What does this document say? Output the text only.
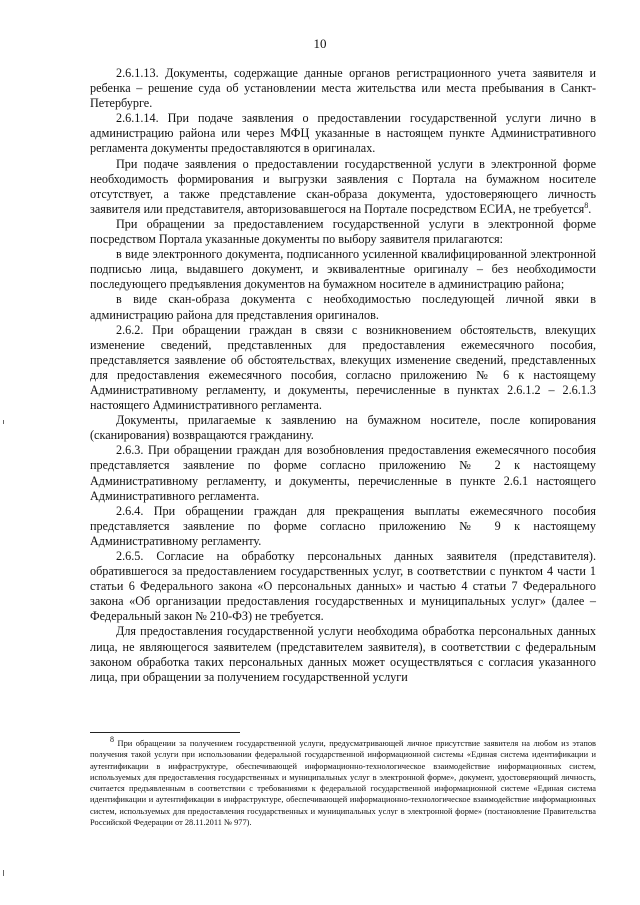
10

2.6.1.13. Документы, содержащие данные органов регистрационного учета заявителя и ребенка – решение суда об установлении места жительства или места пребывания в Санкт-Петербурге.

2.6.1.14. При подаче заявления о предоставлении государственной услуги лично в администрацию района или через МФЦ указанные в настоящем пункте Административного регламента документы предоставляются в оригиналах.

При подаче заявления о предоставлении государственной услуги в электронной форме необходимость формирования и выгрузки заявления с Портала на бумажном носителе отсутствует, а также представление скан-образа документа, удостоверяющего личность заявителя или представителя, авторизовавшегося на Портале посредством ЕСИА, не требуется$^8$.

При обращении за предоставлением государственной услуги в электронной форме посредством Портала указанные документы по выбору заявителя прилагаются:

в виде электронного документа, подписанного усиленной квалифицированной электронной подписью лица, выдавшего документ, и эквивалентные оригиналу – без необходимости последующего предъявления документов на бумажном носителе в администрацию района;

в виде скан-образа документа с необходимостью последующей личной явки в администрацию района для представления оригиналов.

2.6.2. При обращении граждан в связи с возникновением обстоятельств, влекущих изменение сведений, представленных для предоставления ежемесячного пособия, представляется заявление об обстоятельствах, влекущих изменение сведений, представленных для предоставления ежемесячного пособия, согласно приложению № 6 к настоящему Административному регламенту, и документы, перечисленные в пунктах 2.6.1.2 – 2.6.1.3 настоящего Административного регламента.

Документы, прилагаемые к заявлению на бумажном носителе, после копирования (сканирования) возвращаются гражданину.

2.6.3. При обращении граждан для возобновления предоставления ежемесячного пособия представляется заявление по форме согласно приложению № 2 к настоящему Административному регламенту, и документы, перечисленные в пункте 2.6.1 настоящего Административного регламента.

2.6.4. При обращении граждан для прекращения выплаты ежемесячного пособия представляется заявление по форме согласно приложению № 9 к настоящему Административному регламенту.

2.6.5. Согласие на обработку персональных данных заявителя (представителя). обратившегося за предоставлением государственных услуг, в соответствии с пунктом 4 части 1 статьи 6 Федерального закона «О персональных данных» и частью 4 статьи 7 Федерального закона «Об организации предоставления государственных и муниципальных услуг» (далее – Федеральный закон № 210-ФЗ) не требуется.

Для предоставления государственной услуги необходима обработка персональных данных лица, не являющегося заявителем (представителем заявителя), в соответствии с федеральным законом обработка таких персональных данных может осуществляться с согласия указанного лица, при обращении за получением государственной услуги

$^8$ При обращении за получением государственной услуги, предусматривающей личное присутствие заявителя на любом из этапов получения такой услуги при использовании федеральной государственной информационной системы «Единая система идентификации и аутентификации в инфраструктуре, обеспечивающей информационно-технологическое взаимодействие информационных систем, используемых для предоставления государственных и муниципальных услуг в электронной форме», документ, удостоверяющий личность, считается предъявленным в соответствии с требованиями к федеральной государственной информационной системе «Единая система идентификации и аутентификации в инфраструктуре, обеспечивающей информационно-технологическое взаимодействие информационных систем, используемых для предоставления государственных и муниципальных услуг в электронной форме» (постановление Правительства Российской Федерации от 28.11.2011 № 977).
